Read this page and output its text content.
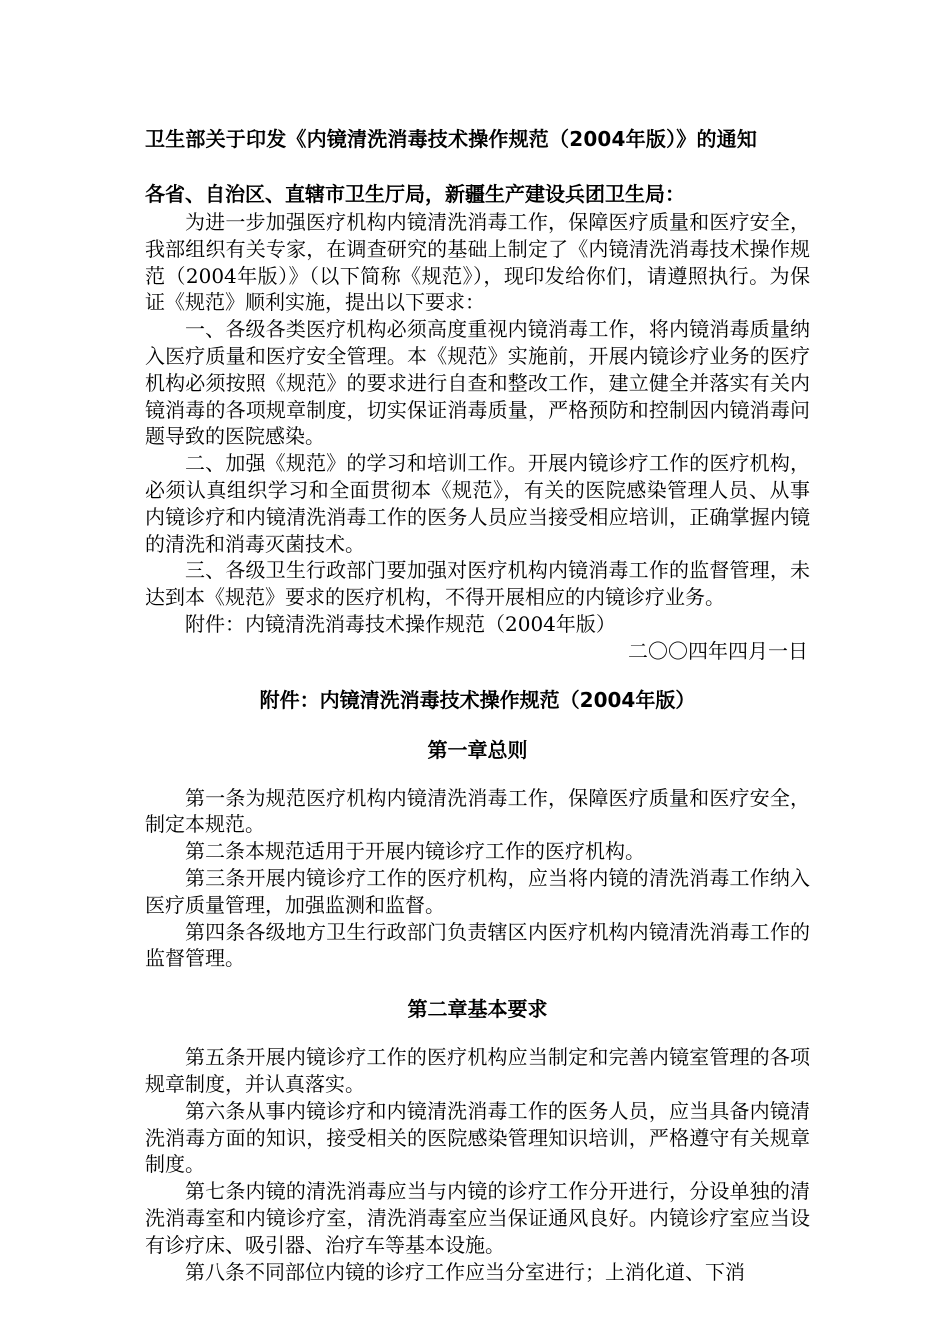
卫生部关于印发《内镜清洗消毒技术操作规范（2004年版）》的通知

各省、自治区、直辖市卫生厅局，新疆生产建设兵团卫生局：

为进一步加强医疗机构内镜清洗消毒工作，保障医疗质量和医疗安全，我部组织有关专家，在调查研究的基础上制定了《内镜清洗消毒技术操作规范（2004年版）》（以下简称《规范》），现印发给你们，请遵照执行。为保证《规范》顺利实施，提出以下要求：

一、各级各类医疗机构必须高度重视内镜消毒工作，将内镜消毒质量纳入医疗质量和医疗安全管理。本《规范》实施前，开展内镜诊疗业务的医疗机构必须按照《规范》的要求进行自查和整改工作，建立健全并落实有关内镜消毒的各项规章制度，切实保证消毒质量，严格预防和控制因内镜消毒问题导致的医院感染。

二、加强《规范》的学习和培训工作。开展内镜诊疗工作的医疗机构，必须认真组织学习和全面贯彻本《规范》，有关的医院感染管理人员、从事内镜诊疗和内镜清洗消毒工作的医务人员应当接受相应培训，正确掌握内镜的清洗和消毒灭菌技术。

三、各级卫生行政部门要加强对医疗机构内镜消毒工作的监督管理，未达到本《规范》要求的医疗机构，不得开展相应的内镜诊疗业务。

附件：内镜清洗消毒技术操作规范（2004年版）

二〇〇四年四月一日

附件：内镜清洗消毒技术操作规范（2004年版）
第一章总则

第一条为规范医疗机构内镜清洗消毒工作，保障医疗质量和医疗安全，制定本规范。

第二条本规范适用于开展内镜诊疗工作的医疗机构。

第三条开展内镜诊疗工作的医疗机构，应当将内镜的清洗消毒工作纳入医疗质量管理，加强监测和监督。

第四条各级地方卫生行政部门负责辖区内医疗机构内镜清洗消毒工作的监督管理。

第二章基本要求

第五条开展内镜诊疗工作的医疗机构应当制定和完善内镜室管理的各项规章制度，并认真落实。

第六条从事内镜诊疗和内镜清洗消毒工作的医务人员，应当具备内镜清洗消毒方面的知识，接受相关的医院感染管理知识培训，严格遵守有关规章制度。

第七条内镜的清洗消毒应当与内镜的诊疗工作分开进行，分设单独的清洗消毒室和内镜诊疗室，清洗消毒室应当保证通风良好。内镜诊疗室应当设有诊疗床、吸引器、治疗车等基本设施。

第八条不同部位内镜的诊疗工作应当分室进行；上消化道、下消
